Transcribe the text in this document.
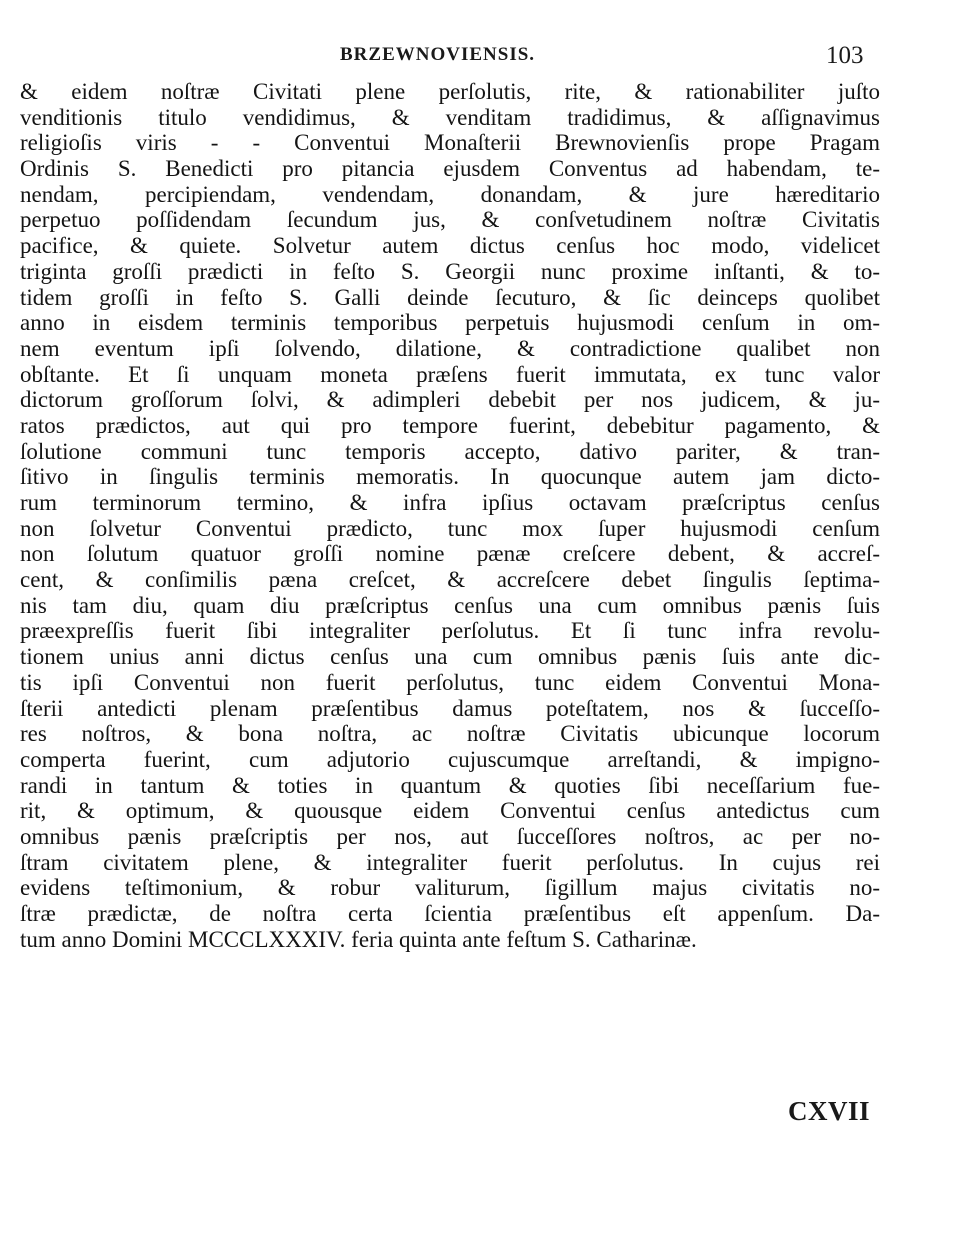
BRZEWNOVIENSIS.	103
& eidem noſtræ Civitati plene perſolutis, rite, & rationabiliter juſto
venditionis titulo vendidimus, & venditam tradidimus, & aſſignavimus
religioſis viris - - Conventui Monaſterii Brewnovienſis prope Pragam
Ordinis S. Benedicti pro pitancia ejusdem Conventus ad habendam, te-
nendam, percipiendam, vendendam, donandam, & jure hæreditario
perpetuo poſſidendam ſecundum jus, & conſvetudinem noſtræ Civitatis
pacifice, & quiete. Solvetur autem dictus cenſus hoc modo, videlicet
triginta groſſi prædicti in feſto S. Georgii nunc proxime inſtanti, & to-
tidem groſſi in feſto S. Galli deinde ſecuturo, & ſic deinceps quolibet
anno in eisdem terminis temporibus perpetuis hujusmodi cenſum in om-
nem eventum ipſi ſolvendo, dilatione, & contradictione qualibet non
obſtante. Et ſi unquam moneta præſens fuerit immutata, ex tunc valor
dictorum groſſorum ſolvi, & adimpleri debebit per nos judicem, & ju-
ratos prædictos, aut qui pro tempore fuerint, debebitur pagamento, &
ſolutione communi tunc temporis accepto, dativo pariter, & tran-
ſitivo in ſingulis terminis memoratis. In quocunque autem jam dicto-
rum terminorum termino, & infra ipſius octavam præſcriptus cenſus
non ſolvetur Conventui prædicto, tunc mox ſuper hujusmodi cenſum
non ſolutum quatuor groſſi nomine pænæ creſcere debent, & accreſ-
cent, & conſimilis pæna creſcet, & accreſcere debet ſingulis ſeptima-
nis tam diu, quam diu præſcriptus cenſus una cum omnibus pænis ſuis
præexpreſſis fuerit ſibi integraliter perſolutus. Et ſi tunc infra revolu-
tionem unius anni dictus cenſus una cum omnibus pænis ſuis ante dic-
tis ipſi Conventui non fuerit perſolutus, tunc eidem Conventui Mona-
ſterii antedicti plenam præſentibus damus poteſtatem, nos & ſucceſſo-
res noſtros, & bona noſtra, ac noſtræ Civitatis ubicunque locorum
comperta fuerint, cum adjutorio cujuscumque arreſtandi, & impigno-
randi in tantum & toties in quantum & quoties ſibi neceſſarium fue-
rit, & optimum, & quousque eidem Conventui cenſus antedictus cum
omnibus pænis præſcriptis per nos, aut ſucceſſores noſtros, ac per no-
ſtram civitatem plene, & integraliter fuerit perſolutus. In cujus rei
evidens teſtimonium, & robur valiturum, ſigillum majus civitatis no-
ſtræ prædictæ, de noſtra certa ſcientia præſentibus eſt appenſum. Da-
tum anno Domini MCCCLXXXIV. feria quinta ante feſtum S. Catharinæ.
CXVII
